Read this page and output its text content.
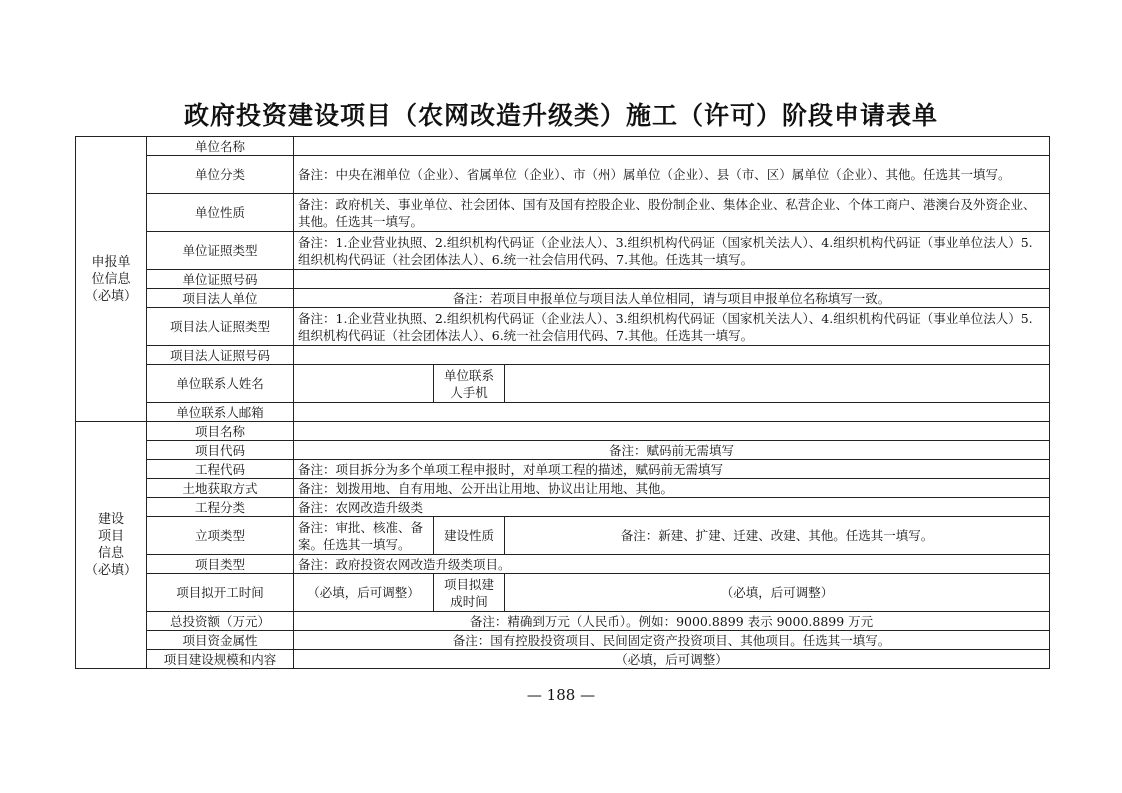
政府投资建设项目（农网改造升级类）施工（许可）阶段申请表单
申报单
位信息
（必填）	单位名称			
	单位分类	备注：中央在湘单位（企业）、省属单位（企业）、市（州）属单位（企业）、县（市、区）属单位（企业）、其他。任选其一填写。		
	单位性质	备注：政府机关、事业单位、社会团体、国有及国有控股企业、股份制企业、集体企业、私营企业、个体工商户、港澳台及外资企业、其他。任选其一填写。		
	单位证照类型	备注：1.企业营业执照、2.组织机构代码证（企业法人）、3.组织机构代码证（国家机关法人）、4.组织机构代码证（事业单位法人）5.组织机构代码证（社会团体法人）、6.统一社会信用代码、7.其他。任选其一填写。		
	单位证照号码			
	项目法人单位	备注：若项目申报单位与项目法人单位相同，请与项目申报单位名称填写一致。		
	项目法人证照类型	备注：1.企业营业执照、2.组织机构代码证（企业法人）、3.组织机构代码证（国家机关法人）、4.组织机构代码证（事业单位法人）5.组织机构代码证（社会团体法人）、6.统一社会信用代码、7.其他。任选其一填写。		
	项目法人证照号码			
	单位联系人姓名		单位联系
人手机	
	单位联系人邮箱			
建设
项目
信息
（必填）	项目名称			
	项目代码	备注：赋码前无需填写		
	工程代码	备注：项目拆分为多个单项工程申报时，对单项工程的描述，赋码前无需填写		
	土地获取方式	备注：划拨用地、自有用地、公开出让用地、协议出让用地、其他。		
	工程分类	备注：农网改造升级类		
	立项类型	备注：审批、核准、备案。任选其一填写。	建设性质	备注：新建、扩建、迁建、改建、其他。任选其一填写。
	项目类型	备注：政府投资农网改造升级类项目。		
	项目拟开工时间	（必填，后可调整）	项目拟建
成时间	（必填，后可调整）
	总投资额（万元）	备注：精确到万元（人民币）。例如：9000.8899 表示 9000.8899 万元		
	项目资金属性	备注：国有控股投资项目、民间固定资产投资项目、其他项目。任选其一填写。		
	项目建设规模和内容	（必填，后可调整）		
— 188 —
